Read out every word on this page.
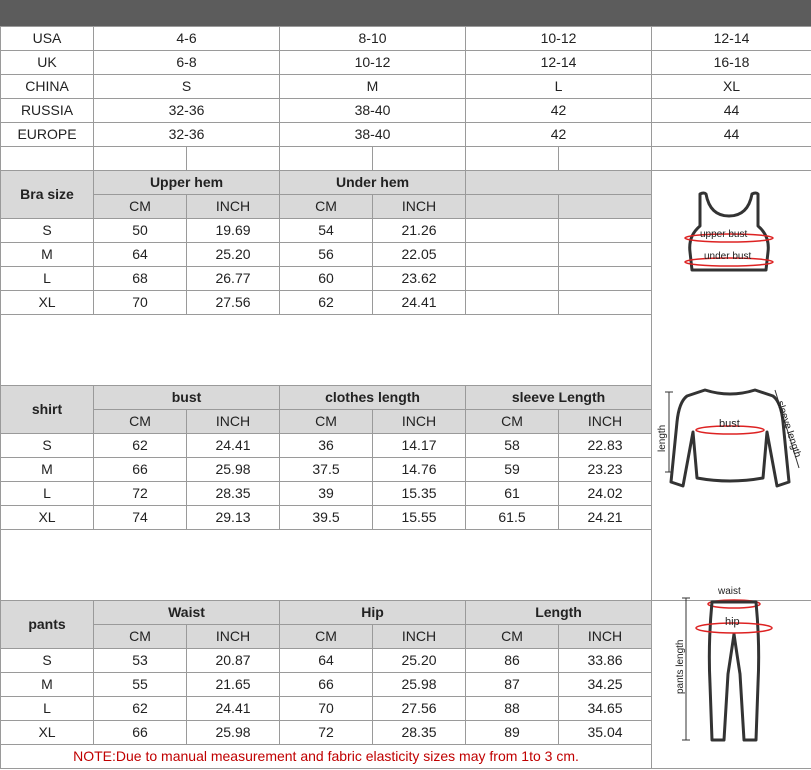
USA	4-6		8-10		10-12		12-14
UK	6-8		10-12		12-14		16-18
CHINA	S		M		L		XL
RUSSIA	32-36		38-40		42		44
EUROPE	32-36		38-40		42		44

Bra size	Upper hem		Under hem				
	CM	INCH	CM	INCH			
S	50	19.69	54	21.26			
M	64	25.20	56	22.05			
L	68	26.77	60	23.62			
XL	70	27.56	62	24.41			

shirt	bust		clothes length		sleeve Length		
	CM	INCH	CM	INCH	CM	INCH	
S	62	24.41	36	14.17	58	22.83	
M	66	25.98	37.5	14.76	59	23.23	
L	72	28.35	39	15.35	61	24.02	
XL	74	29.13	39.5	15.55	61.5	24.21	

pants	Waist		Hip		Length		
	CM	INCH	CM	INCH	CM	INCH	
S	53	20.87	64	25.20	86	33.86	
M	55	21.65	66	25.98	87	34.25	
L	62	24.41	70	27.56	88	34.65	
XL	66	25.98	72	28.35	89	35.04	
NOTE:Due to manual measurement and fabric elasticity sizes may from 1to 3 cm.							
upper bust
under bust
length
bust	sleeve length
pants length
waist
hip
